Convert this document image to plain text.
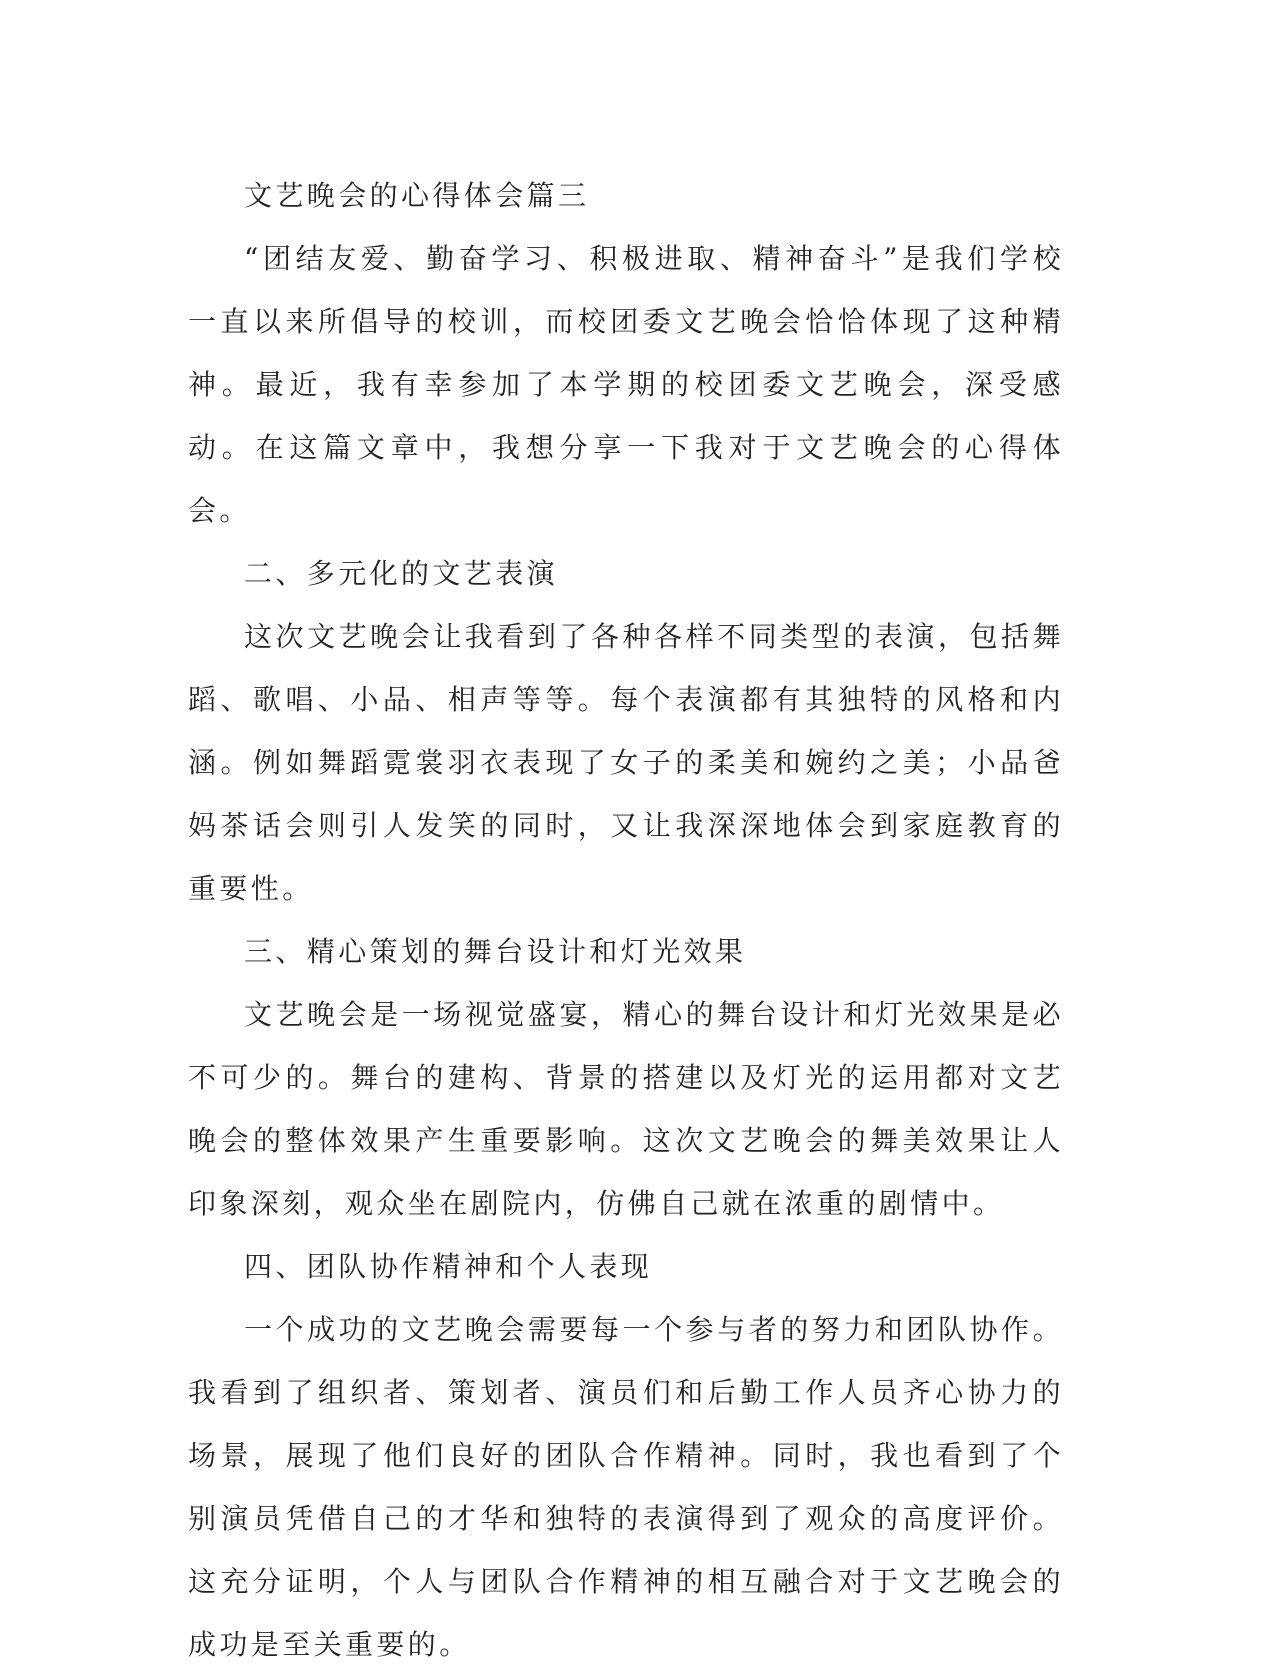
文艺晚会的心得体会篇三

“团结友爱、勤奋学习、积极进取、精神奋斗”是我们学校一直以来所倡导的校训，而校团委文艺晚会恰恰体现了这种精神。最近，我有幸参加了本学期的校团委文艺晚会，深受感动。在这篇文章中，我想分享一下我对于文艺晚会的心得体会。

二、多元化的文艺表演

这次文艺晚会让我看到了各种各样不同类型的表演，包括舞蹈、歌唱、小品、相声等等。每个表演都有其独特的风格和内涵。例如舞蹈霓裳羽衣表现了女子的柔美和婉约之美；小品爸妈茶话会则引人发笑的同时，又让我深深地体会到家庭教育的重要性。

三、精心策划的舞台设计和灯光效果

文艺晚会是一场视觉盛宴，精心的舞台设计和灯光效果是必不可少的。舞台的建构、背景的搭建以及灯光的运用都对文艺晚会的整体效果产生重要影响。这次文艺晚会的舞美效果让人印象深刻，观众坐在剧院内，仿佛自己就在浓重的剧情中。

四、团队协作精神和个人表现

一个成功的文艺晚会需要每一个参与者的努力和团队协作。我看到了组织者、策划者、演员们和后勤工作人员齐心协力的场景，展现了他们良好的团队合作精神。同时，我也看到了个别演员凭借自己的才华和独特的表演得到了观众的高度评价。这充分证明，个人与团队合作精神的相互融合对于文艺晚会的成功是至关重要的。
